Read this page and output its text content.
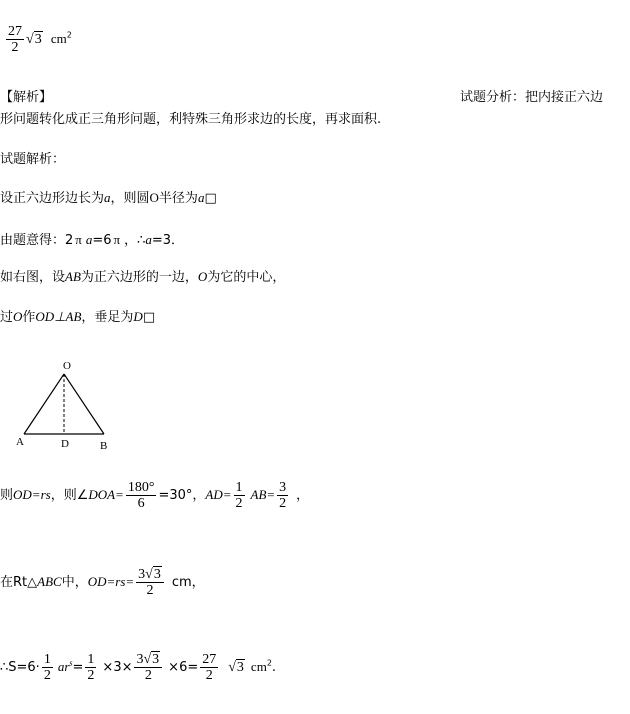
$\frac{27}{2} √3$ $cm^2$
【解析】	试题分析：把内接正六边
形问题转化成正三角形问题，利特殊三角形求边的长度，再求面积.
试题解析：
设正六边形边长为a，则圆O半径为a□
由题意得：2 π a=6 π ，∴a=3．
如右图，设AB为正六边形的一边，O为它的中心，
过O作OD⊥AB，垂足为D□
O
A	D	B
则OD=rs，则∠DOA= $\frac{180^\circ}{6} =30^\circ$，$AD= \frac{1}{2} AB= \frac{3}{2}$ ，
在Rt△ABC中，$OD=rs= \frac{3√3}{2}$ cm，
∴S=6· $\frac{1}{2} ar^s= \frac{1}{2} \times 3\times \frac{3√3}{2} \times 6= \frac{27}{2} √3$ $cm^2$.
